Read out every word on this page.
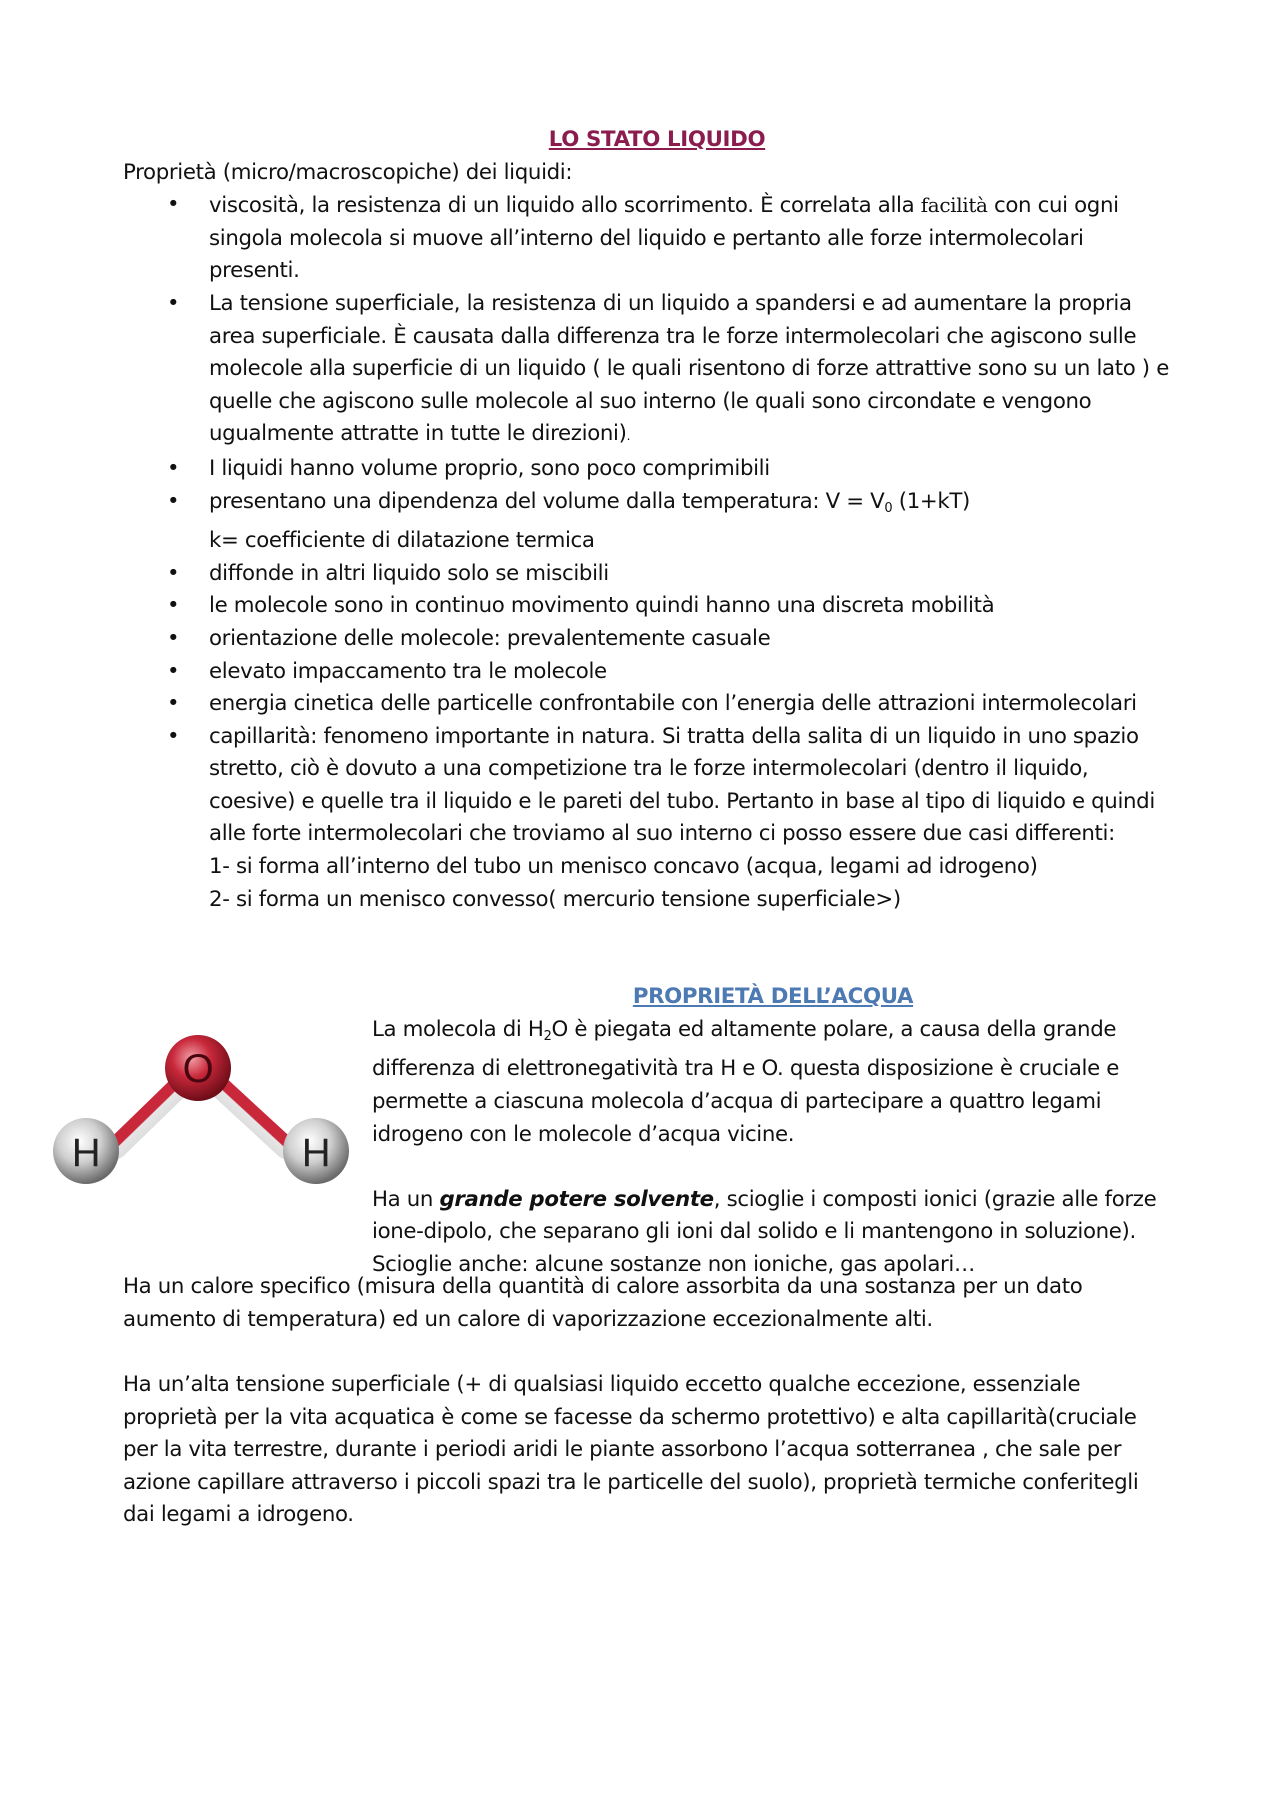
LO STATO LIQUIDO

Proprietà (micro/macroscopiche) dei liquidi:

• viscosità, la resistenza di un liquido allo scorrimento. È correlata alla facilità con cui ogni singola molecola si muove all’interno del liquido e pertanto alle forze intermolecolari presenti.
• La tensione superficiale, la resistenza di un liquido a spandersi e ad aumentare la propria area superficiale. È causata dalla differenza tra le forze intermolecolari che agiscono sulle molecole alla superficie di un liquido ( le quali risentono di forze attrattive sono su un lato ) e quelle che agiscono sulle molecole al suo interno (le quali sono circondate e vengono ugualmente attratte in tutte le direzioni).
• I liquidi hanno volume proprio, sono poco comprimibili
• presentano una dipendenza del volume dalla temperatura: $V = V_0$ (1+kT)
k= coefficiente di dilatazione termica
• diffonde in altri liquido solo se miscibili
• le molecole sono in continuo movimento quindi hanno una discreta mobilità
• orientazione delle molecole: prevalentemente casuale
• elevato impaccamento tra le molecole
• energia cinetica delle particelle confrontabile con l’energia delle attrazioni intermolecolari
• capillarità: fenomeno importante in natura. Si tratta della salita di un liquido in uno spazio stretto, ciò è dovuto a una competizione tra le forze intermolecolari (dentro il liquido, coesive) e quelle tra il liquido e le pareti del tubo. Pertanto in base al tipo di liquido e quindi alle forte intermolecolari che troviamo al suo interno ci posso essere due casi differenti:
1- si forma all’interno del tubo un menisco concavo (acqua, legami ad idrogeno)
2- si forma un menisco convesso( mercurio tensione superficiale>)

PROPRIETÀ DELL’ACQUA

O
H	H

La molecola di $H_2O$ è piegata ed altamente polare, a causa della grande differenza di elettronegatività tra H e O. questa disposizione è cruciale e permette a ciascuna molecola d’acqua di partecipare a quattro legami idrogeno con le molecole d’acqua vicine.

Ha un grande potere solvente, scioglie i composti ionici (grazie alle forze ione-dipolo, che separano gli ioni dal solido e li mantengono in soluzione). Scioglie anche: alcune sostanze non ioniche, gas apolari…

Ha un calore specifico (misura della quantità di calore assorbita da una sostanza per un dato aumento di temperatura) ed un calore di vaporizzazione eccezionalmente alti.

Ha un’alta tensione superficiale (+ di qualsiasi liquido eccetto qualche eccezione, essenziale proprietà per la vita acquatica è come se facesse da schermo protettivo) e alta capillarità(cruciale per la vita terrestre, durante i periodi aridi le piante assorbono l’acqua sotterranea , che sale per azione capillare attraverso i piccoli spazi tra le particelle del suolo), proprietà termiche conferitegli dai legami a idrogeno.
